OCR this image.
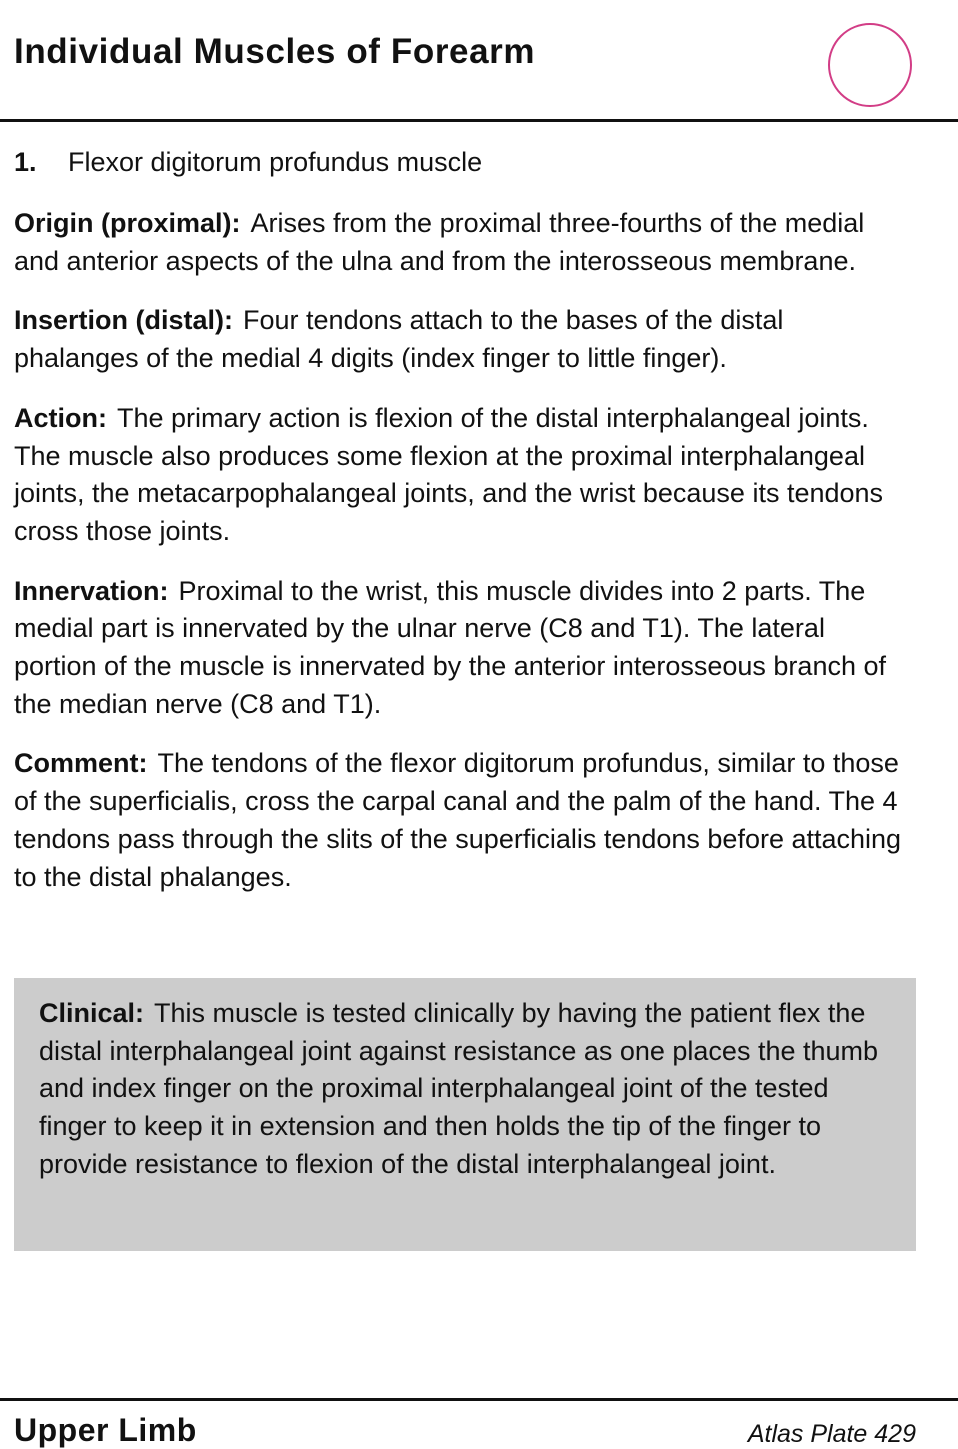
Individual Muscles of Forearm
1. Flexor digitorum profundus muscle

Origin (proximal): Arises from the proximal three-fourths of the medial and anterior aspects of the ulna and from the interosseous membrane.

Insertion (distal): Four tendons attach to the bases of the distal phalanges of the medial 4 digits (index finger to little finger).

Action: The primary action is flexion of the distal interphalangeal joints. The muscle also produces some flexion at the proximal interphalangeal joints, the metacarpophalangeal joints, and the wrist because its tendons cross those joints.

Innervation: Proximal to the wrist, this muscle divides into 2 parts. The medial part is innervated by the ulnar nerve (C8 and T1). The lateral portion of the muscle is innervated by the anterior interosseous branch of the median nerve (C8 and T1).

Comment: The tendons of the flexor digitorum profundus, similar to those of the superficialis, cross the carpal canal and the palm of the hand. The 4 tendons pass through the slits of the superficialis tendons before attaching to the distal phalanges.

Clinical: This muscle is tested clinically by having the patient flex the distal interphalangeal joint against resistance as one places the thumb and index finger on the proximal interphalangeal joint of the tested finger to keep it in extension and then holds the tip of the finger to provide resistance to flexion of the distal interphalangeal joint.

Upper Limb	Atlas Plate 429
